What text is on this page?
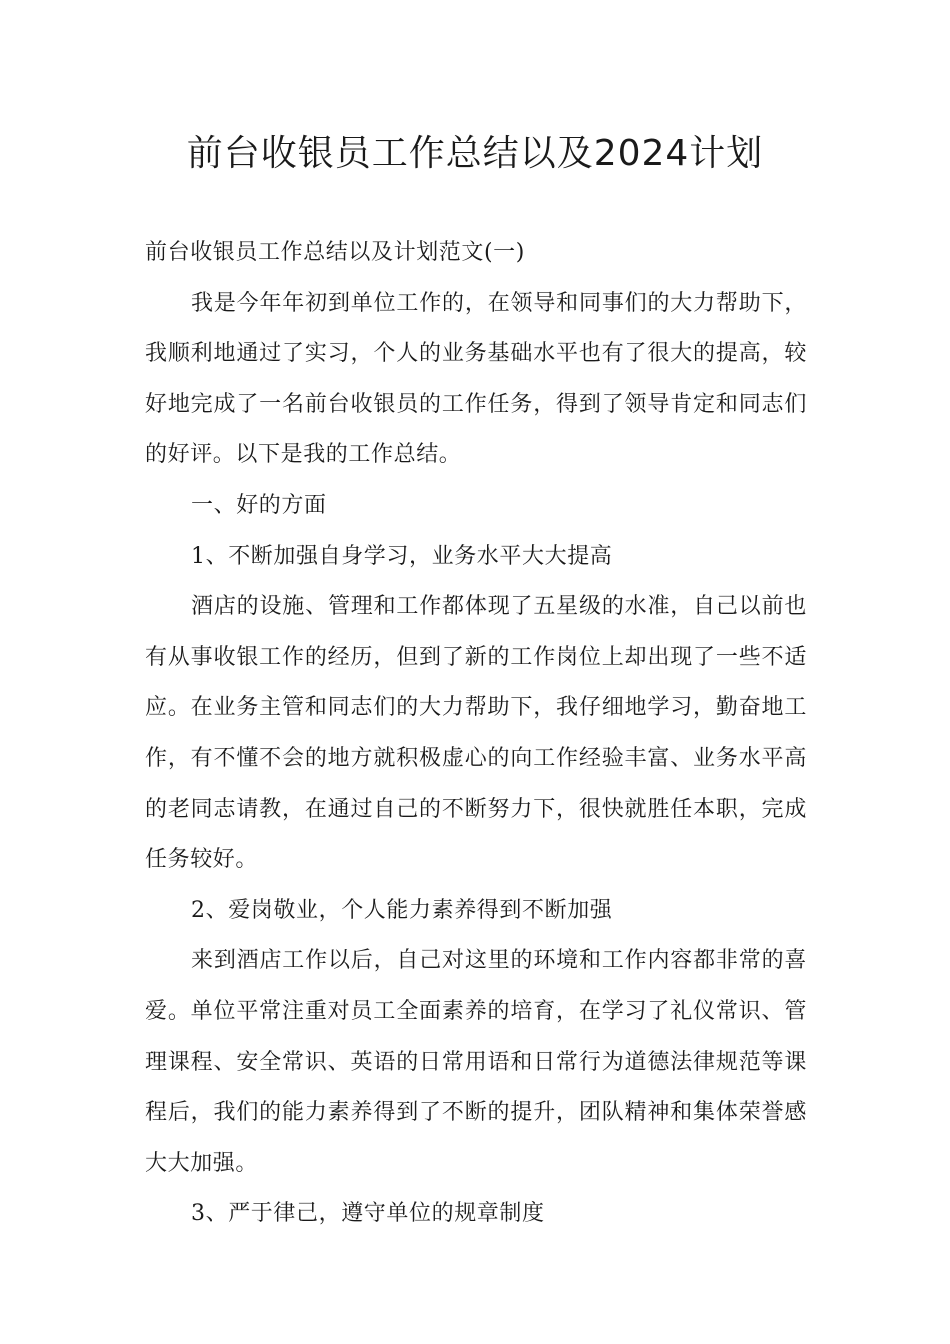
前台收银员工作总结以及2024计划

前台收银员工作总结以及计划范文(一)

我是今年年初到单位工作的，在领导和同事们的大力帮助下，我顺利地通过了实习，个人的业务基础水平也有了很大的提高，较好地完成了一名前台收银员的工作任务，得到了领导肯定和同志们的好评。以下是我的工作总结。

一、好的方面

1、不断加强自身学习，业务水平大大提高

酒店的设施、管理和工作都体现了五星级的水准，自己以前也有从事收银工作的经历，但到了新的工作岗位上却出现了一些不适应。在业务主管和同志们的大力帮助下，我仔细地学习，勤奋地工作，有不懂不会的地方就积极虚心的向工作经验丰富、业务水平高的老同志请教，在通过自己的不断努力下，很快就胜任本职，完成任务较好。

2、爱岗敬业，个人能力素养得到不断加强

来到酒店工作以后，自己对这里的环境和工作内容都非常的喜爱。单位平常注重对员工全面素养的培育，在学习了礼仪常识、管理课程、安全常识、英语的日常用语和日常行为道德法律规范等课程后，我们的能力素养得到了不断的提升，团队精神和集体荣誉感大大加强。

3、严于律己，遵守单位的规章制度
